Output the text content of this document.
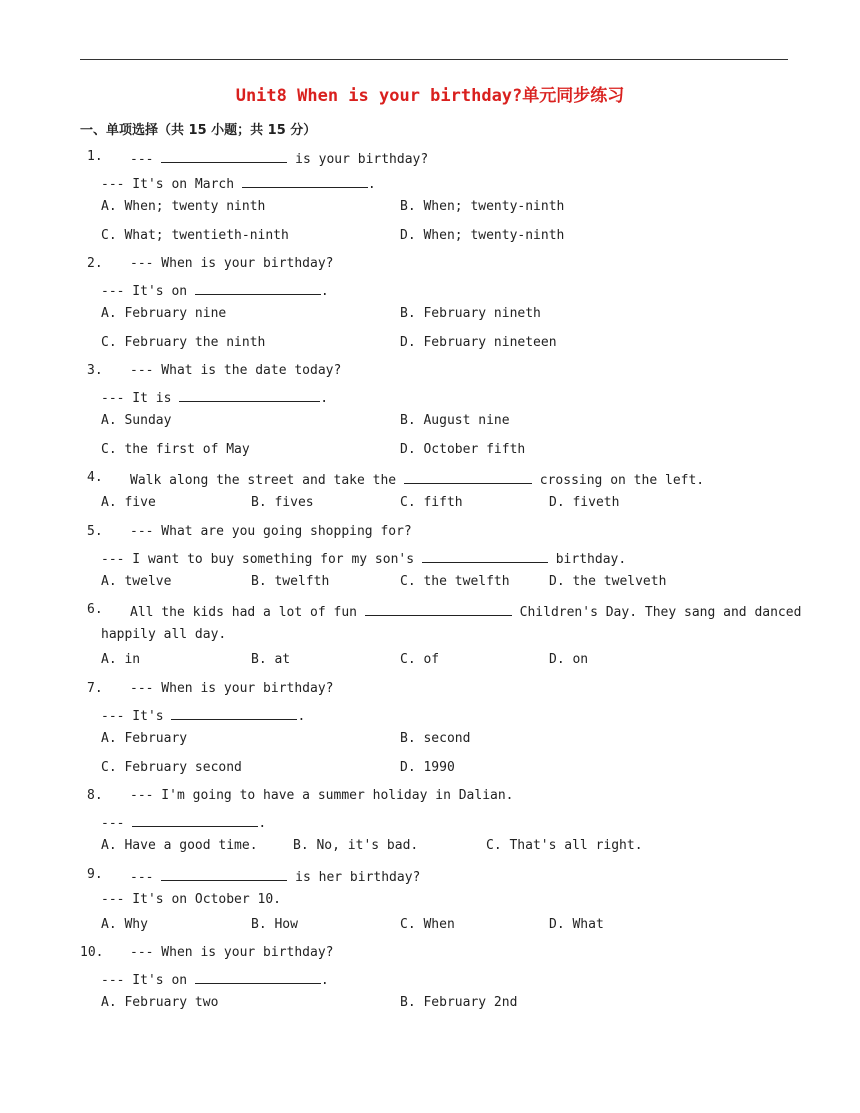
Unit8 When is your birthday?单元同步练习
一、单项选择（共 15 小题；共 15 分）
1. ---	is your birthday?
--- It's on March	.
A. When; twenty ninth	B. When; twenty-ninth
C. What; twentieth-ninth	D. When; twenty-ninth
2. --- When is your birthday?
--- It's on	.
A. February nine	B. February nineth
C. February the ninth	D. February nineteen
3. --- What is the date today?
--- It is	.
A. Sunday	B. August nine
C. the first of May	D. October fifth
4. Walk along the street and take the	crossing on the left.
A. five	B. fives	C. fifth	D. fiveth
5. --- What are you going shopping for?
--- I want to buy something for my son's	birthday.
A. twelve	B. twelfth	C. the twelfth	D. the twelveth
6. All the kids had a lot of fun	Children's Day. They sang and danced
happily all day.
A. in	B. at	C. of	D. on
7. --- When is your birthday?
--- It's	.
A. February	B. second
C. February second	D. 1990
8. --- I'm going to have a summer holiday in Dalian.
---	.
A. Have a good time.	B. No, it's bad.	C. That's all right.
9. ---	is her birthday?
--- It's on October 10.
A. Why	B. How	C. When	D. What
10. --- When is your birthday?
--- It's on	.
A. February two	B. February 2nd
